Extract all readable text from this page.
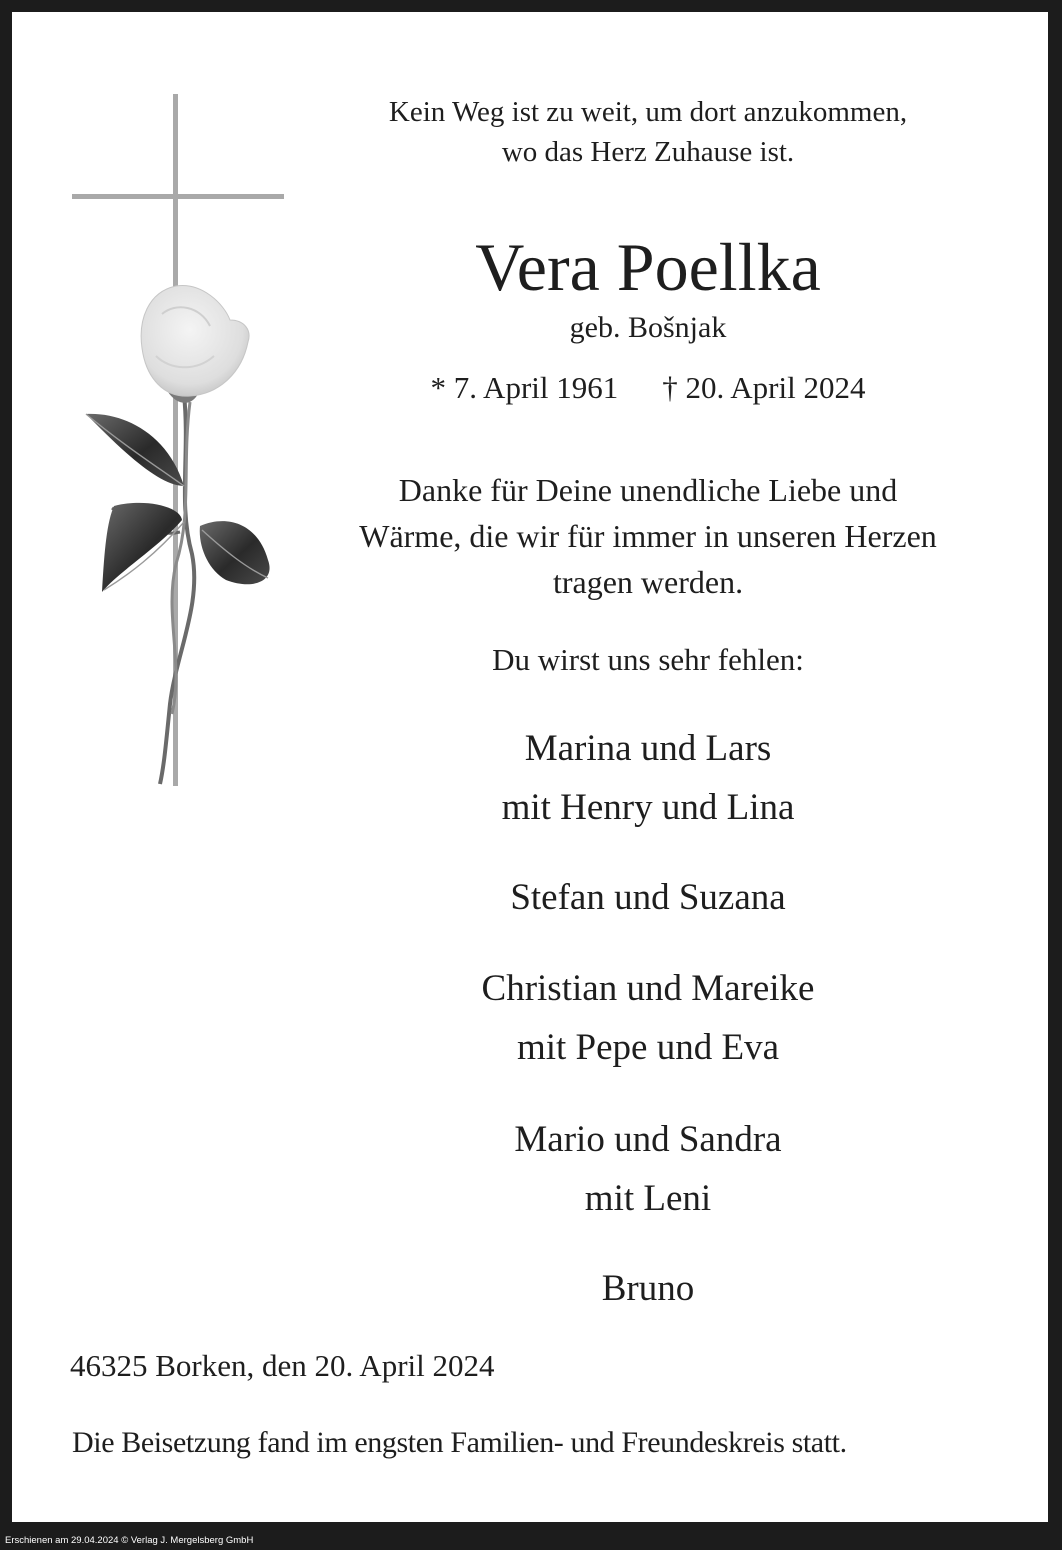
Kein Weg ist zu weit, um dort anzukommen,
wo das Herz Zuhause ist.
Vera Poellka
geb. Bošnjak
* 7. April 1961 † 20. April 2024
Danke für Deine unendliche Liebe und
Wärme, die wir für immer in unseren Herzen
tragen werden.
Du wirst uns sehr fehlen:
Marina und Lars
mit Henry und Lina
Stefan und Suzana
Christian und Mareike
mit Pepe und Eva
Mario und Sandra
mit Leni
Bruno
46325 Borken, den 20. April 2024
Die Beisetzung fand im engsten Familien- und Freundeskreis statt.
Erschienen am 29.04.2024 © Verlag J. Mergelsberg GmbH
